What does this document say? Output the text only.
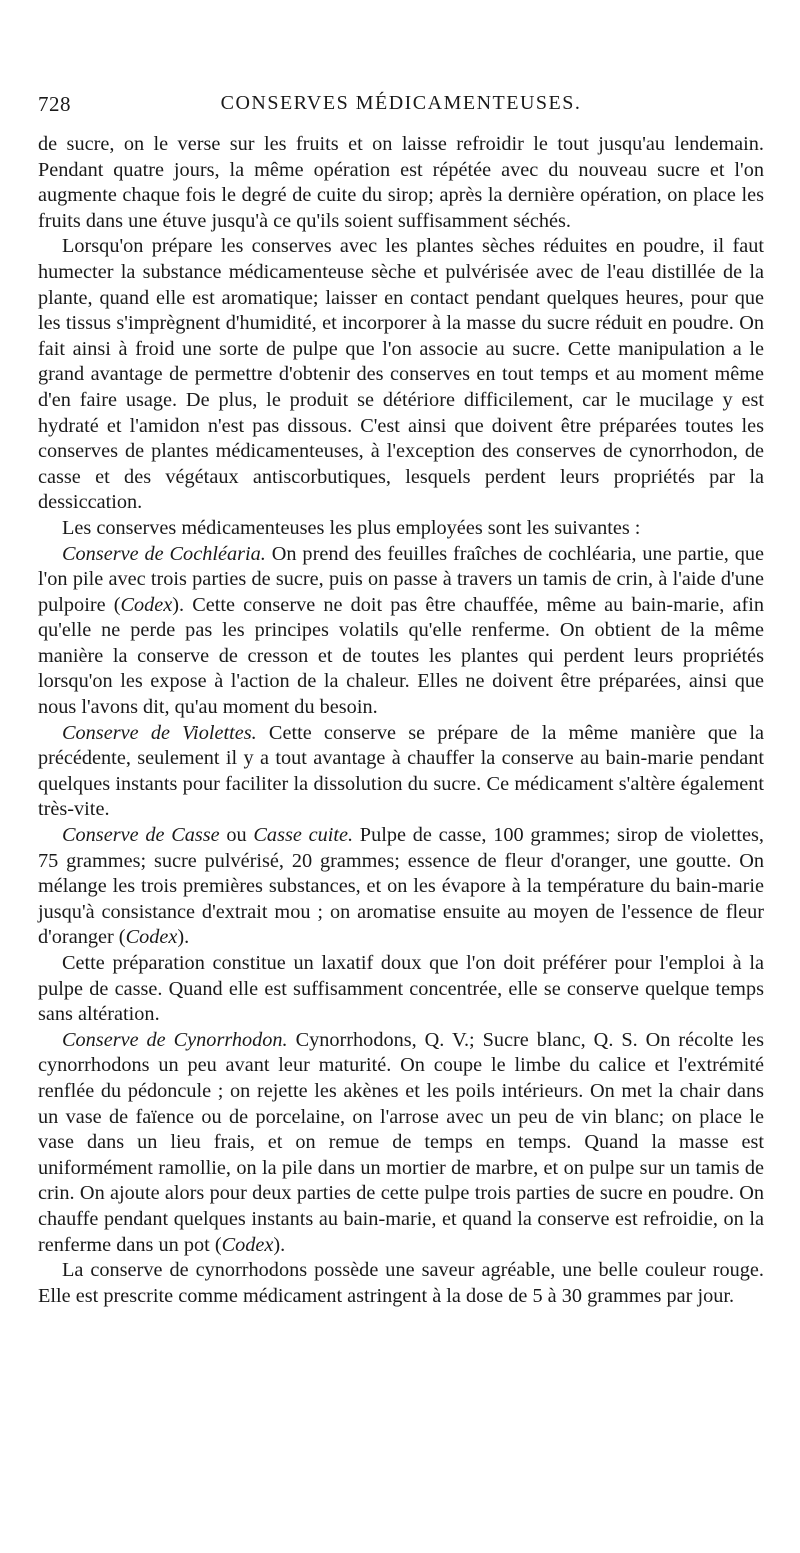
728	CONSERVES MÉDICAMENTEUSES.

de sucre, on le verse sur les fruits et on laisse refroidir le tout jusqu'au lendemain. Pendant quatre jours, la même opération est répétée avec du nouveau sucre et l'on augmente chaque fois le degré de cuite du sirop; après la dernière opération, on place les fruits dans une étuve jusqu'à ce qu'ils soient suffisamment séchés.

Lorsqu'on prépare les conserves avec les plantes sèches réduites en poudre, il faut humecter la substance médicamenteuse sèche et pulvérisée avec de l'eau distillée de la plante, quand elle est aromatique; laisser en contact pendant quelques heures, pour que les tissus s'imprègnent d'humidité, et incorporer à la masse du sucre réduit en poudre. On fait ainsi à froid une sorte de pulpe que l'on associe au sucre. Cette manipulation a le grand avantage de permettre d'obtenir des conserves en tout temps et au moment même d'en faire usage. De plus, le produit se détériore difficilement, car le mucilage y est hydraté et l'amidon n'est pas dissous. C'est ainsi que doivent être préparées toutes les conserves de plantes médicamenteuses, à l'exception des conserves de cynorrhodon, de casse et des végétaux antiscorbutiques, lesquels perdent leurs propriétés par la dessiccation.

Les conserves médicamenteuses les plus employées sont les suivantes :

Conserve de Cochléaria. On prend des feuilles fraîches de cochléaria, une partie, que l'on pile avec trois parties de sucre, puis on passe à travers un tamis de crin, à l'aide d'une pulpoire (Codex). Cette conserve ne doit pas être chauffée, même au bain-marie, afin qu'elle ne perde pas les principes volatils qu'elle renferme. On obtient de la même manière la conserve de cresson et de toutes les plantes qui perdent leurs propriétés lorsqu'on les expose à l'action de la chaleur. Elles ne doivent être préparées, ainsi que nous l'avons dit, qu'au moment du besoin.

Conserve de Violettes. Cette conserve se prépare de la même manière que la précédente, seulement il y a tout avantage à chauffer la conserve au bain-marie pendant quelques instants pour faciliter la dissolution du sucre. Ce médicament s'altère également très-vite.

Conserve de Casse ou Casse cuite. Pulpe de casse, 100 grammes; sirop de violettes, 75 grammes; sucre pulvérisé, 20 grammes; essence de fleur d'oranger, une goutte. On mélange les trois premières substances, et on les évapore à la température du bain-marie jusqu'à consistance d'extrait mou ; on aromatise ensuite au moyen de l'essence de fleur d'oranger (Codex).

Cette préparation constitue un laxatif doux que l'on doit préférer pour l'emploi à la pulpe de casse. Quand elle est suffisamment concentrée, elle se conserve quelque temps sans altération.

Conserve de Cynorrhodon. Cynorrhodons, Q. V.; Sucre blanc, Q. S. On récolte les cynorrhodons un peu avant leur maturité. On coupe le limbe du calice et l'extrémité renflée du pédoncule ; on rejette les akènes et les poils intérieurs. On met la chair dans un vase de faïence ou de porcelaine, on l'arrose avec un peu de vin blanc; on place le vase dans un lieu frais, et on remue de temps en temps. Quand la masse est uniformément ramollie, on la pile dans un mortier de marbre, et on pulpe sur un tamis de crin. On ajoute alors pour deux parties de cette pulpe trois parties de sucre en poudre. On chauffe pendant quelques instants au bain-marie, et quand la conserve est refroidie, on la renferme dans un pot (Codex).

La conserve de cynorrhodons possède une saveur agréable, une belle couleur rouge. Elle est prescrite comme médicament astringent à la dose de 5 à 30 grammes par jour.
